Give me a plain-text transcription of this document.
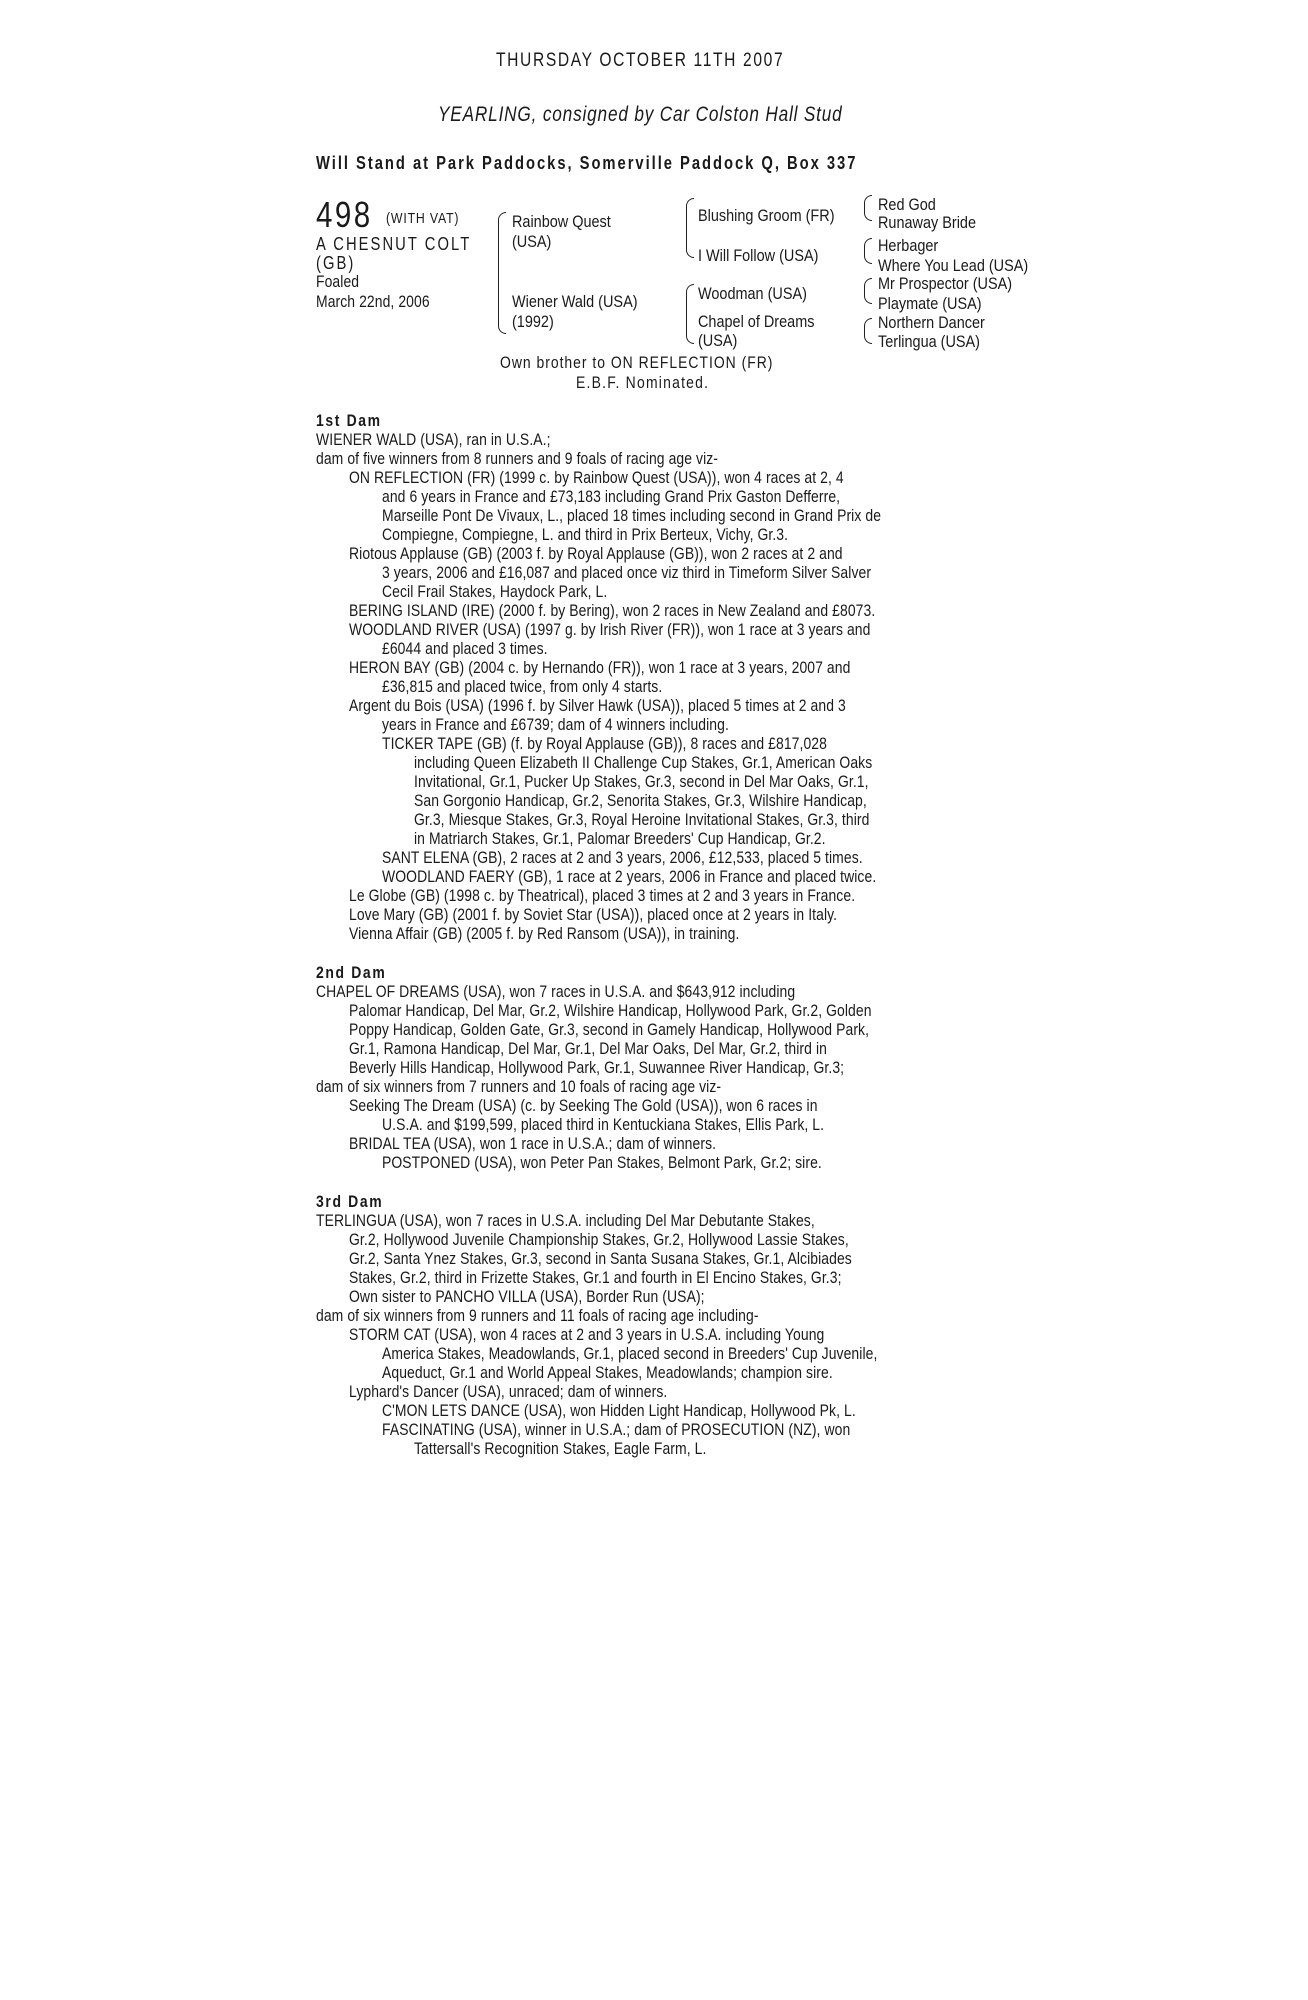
THURSDAY OCTOBER 11TH 2007
YEARLING, consigned by Car Colston Hall Stud
Will Stand at Park Paddocks, Somerville Paddock Q, Box 337
498 (WITH VAT)
A CHESNUT COLT
(GB)
Foaled
March 22nd, 2006
Rainbow Quest
(USA)
Wiener Wald (USA)
(1992)
Blushing Groom (FR)
I Will Follow (USA)
Woodman (USA)
Chapel of Dreams
(USA)
Red God
Runaway Bride
Herbager
Where You Lead (USA)
Mr Prospector (USA)
Playmate (USA)
Northern Dancer
Terlingua (USA)
Own brother to ON REFLECTION (FR)
E.B.F. Nominated.
1st Dam
WIENER WALD (USA), ran in U.S.A.;
dam of five winners from 8 runners and 9 foals of racing age viz-
ON REFLECTION (FR) (1999 c. by Rainbow Quest (USA)), won 4 races at 2, 4
and 6 years in France and £73,183 including Grand Prix Gaston Defferre,
Marseille Pont De Vivaux, L., placed 18 times including second in Grand Prix de
Compiegne, Compiegne, L. and third in Prix Berteux, Vichy, Gr.3.
Riotous Applause (GB) (2003 f. by Royal Applause (GB)), won 2 races at 2 and
3 years, 2006 and £16,087 and placed once viz third in Timeform Silver Salver
Cecil Frail Stakes, Haydock Park, L.
BERING ISLAND (IRE) (2000 f. by Bering), won 2 races in New Zealand and £8073.
WOODLAND RIVER (USA) (1997 g. by Irish River (FR)), won 1 race at 3 years and
£6044 and placed 3 times.
HERON BAY (GB) (2004 c. by Hernando (FR)), won 1 race at 3 years, 2007 and
£36,815 and placed twice, from only 4 starts.
Argent du Bois (USA) (1996 f. by Silver Hawk (USA)), placed 5 times at 2 and 3
years in France and £6739; dam of 4 winners including.
TICKER TAPE (GB) (f. by Royal Applause (GB)), 8 races and £817,028
including Queen Elizabeth II Challenge Cup Stakes, Gr.1, American Oaks
Invitational, Gr.1, Pucker Up Stakes, Gr.3, second in Del Mar Oaks, Gr.1,
San Gorgonio Handicap, Gr.2, Senorita Stakes, Gr.3, Wilshire Handicap,
Gr.3, Miesque Stakes, Gr.3, Royal Heroine Invitational Stakes, Gr.3, third
in Matriarch Stakes, Gr.1, Palomar Breeders' Cup Handicap, Gr.2.
SANT ELENA (GB), 2 races at 2 and 3 years, 2006, £12,533, placed 5 times.
WOODLAND FAERY (GB), 1 race at 2 years, 2006 in France and placed twice.
Le Globe (GB) (1998 c. by Theatrical), placed 3 times at 2 and 3 years in France.
Love Mary (GB) (2001 f. by Soviet Star (USA)), placed once at 2 years in Italy.
Vienna Affair (GB) (2005 f. by Red Ransom (USA)), in training.
2nd Dam
CHAPEL OF DREAMS (USA), won 7 races in U.S.A. and $643,912 including
Palomar Handicap, Del Mar, Gr.2, Wilshire Handicap, Hollywood Park, Gr.2, Golden
Poppy Handicap, Golden Gate, Gr.3, second in Gamely Handicap, Hollywood Park,
Gr.1, Ramona Handicap, Del Mar, Gr.1, Del Mar Oaks, Del Mar, Gr.2, third in
Beverly Hills Handicap, Hollywood Park, Gr.1, Suwannee River Handicap, Gr.3;
dam of six winners from 7 runners and 10 foals of racing age viz-
Seeking The Dream (USA) (c. by Seeking The Gold (USA)), won 6 races in
U.S.A. and $199,599, placed third in Kentuckiana Stakes, Ellis Park, L.
BRIDAL TEA (USA), won 1 race in U.S.A.; dam of winners.
POSTPONED (USA), won Peter Pan Stakes, Belmont Park, Gr.2; sire.
3rd Dam
TERLINGUA (USA), won 7 races in U.S.A. including Del Mar Debutante Stakes,
Gr.2, Hollywood Juvenile Championship Stakes, Gr.2, Hollywood Lassie Stakes,
Gr.2, Santa Ynez Stakes, Gr.3, second in Santa Susana Stakes, Gr.1, Alcibiades
Stakes, Gr.2, third in Frizette Stakes, Gr.1 and fourth in El Encino Stakes, Gr.3;
Own sister to PANCHO VILLA (USA), Border Run (USA);
dam of six winners from 9 runners and 11 foals of racing age including-
STORM CAT (USA), won 4 races at 2 and 3 years in U.S.A. including Young
America Stakes, Meadowlands, Gr.1, placed second in Breeders' Cup Juvenile,
Aqueduct, Gr.1 and World Appeal Stakes, Meadowlands; champion sire.
Lyphard's Dancer (USA), unraced; dam of winners.
C'MON LETS DANCE (USA), won Hidden Light Handicap, Hollywood Pk, L.
FASCINATING (USA), winner in U.S.A.; dam of PROSECUTION (NZ), won
Tattersall's Recognition Stakes, Eagle Farm, L.
